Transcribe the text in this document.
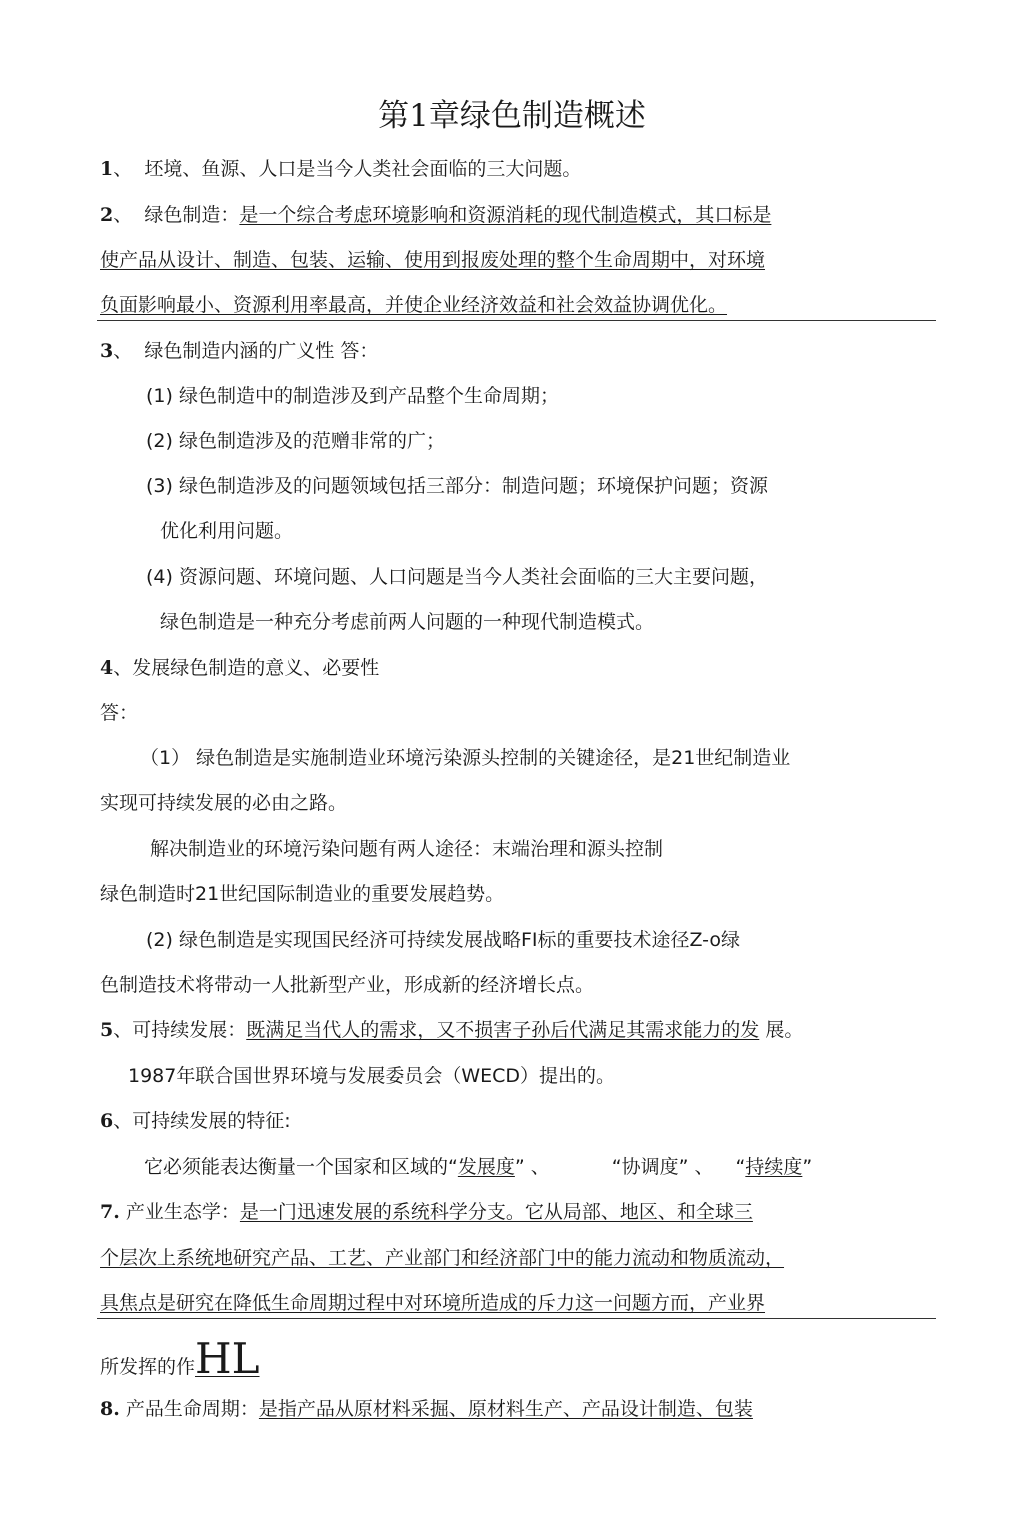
第1章绿色制造概述
1、 坯境、鱼源、人口是当今人类社会面临的三大问题。
2、 绿色制造：是一个综合考虑环境影响和资源消耗的现代制造模式，其口标是
使产品从设计、制造、包装、运输、使用到报废处理的整个生命周期中，对环境
负面影响最小、资源利用率最高，并使企业经济效益和社会效益协调优化。
3、 绿色制造内涵的广义性 答：
(1) 绿色制造中的制造涉及到产品整个生命周期；
(2) 绿色制造涉及的范赠非常的广；
(3) 绿色制造涉及的问题领域包括三部分：制造问题；环境保护问题；资源
优化利用问题。
(4) 资源问题、环境问题、人口问题是当今人类社会面临的三大主要问题，
绿色制造是一种充分考虑前两人问题的一种现代制造模式。
4、发展绿色制造的意义、必要性
答：
（1） 绿色制造是实施制造业环境污染源头控制的关键途径，是21世纪制造业
实现可持续发展的必由之路。
解决制造业的环境污染问题有两人途径：末端治理和源头控制
绿色制造时21世纪国际制造业的重要发展趋势。
(2) 绿色制造是实现国民经济可持续发展战略FI标的重要技术途径Z-o绿
色制造技术将带动一人批新型产业，形成新的经济增长点。
5、可持续发展：既满足当代人的需求，又不损害子孙后代满足其需求能力的发 展。
1987年联合国世界环境与发展委员会（WECD）提出的。
6、可持续发展的特征:
它必须能表达衡量一个国家和区域的“发展度” 、	“协调度” 、 “持续度”
7. 产业生态学：是一门迅速发展的系统科学分支。它从局部、地区、和全球三
个层次上系统地研究产品、工艺、产业部门和经济部门中的能力流动和物质流动，
具焦点是研究在降低生命周期过程中对环境所造成的斥力这一问题方而，产业界
所发挥的作HL
8. 产品生命周期：是指产品从原材料采掘、原材料生产、产品设计制造、包装
